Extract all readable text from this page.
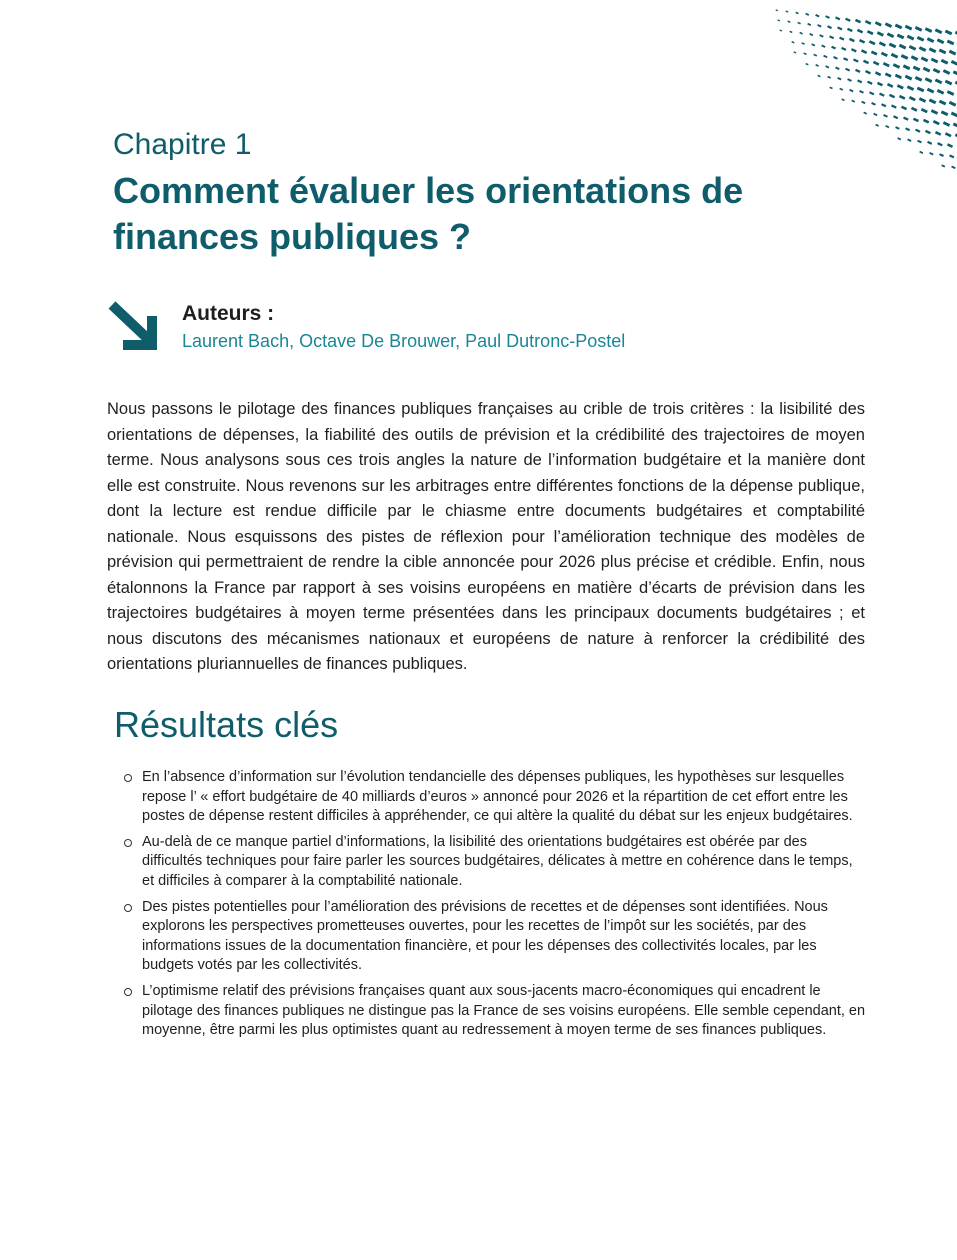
Chapitre 1
Comment évaluer les orientations de finances publiques ?
Auteurs :
Laurent Bach, Octave De Brouwer, Paul Dutronc-Postel

Nous passons le pilotage des finances publiques françaises au crible de trois critères : la lisibilité des orientations de dépenses, la fiabilité des outils de prévision et la crédibilité des trajectoires de moyen terme. Nous analysons sous ces trois angles la nature de l’information budgétaire et la manière dont elle est construite. Nous revenons sur les arbitrages entre différentes fonctions de la dépense publique, dont la lecture est rendue difficile par le chiasme entre documents budgétaires et comptabilité nationale. Nous esquissons des pistes de réflexion pour l’amélioration technique des modèles de prévision qui permettraient de rendre la cible annoncée pour 2026 plus précise et crédible. Enfin, nous étalonnons la France par rapport à ses voisins européens en matière d’écarts de prévision dans les trajectoires budgétaires à moyen terme présentées dans les principaux documents budgétaires ; et nous discutons des mécanismes nationaux et européens de nature à renforcer la crédibilité des orientations pluriannuelles de finances publiques.

Résultats clés
En l’absence d’information sur l’évolution tendancielle des dépenses publiques, les hypothèses sur lesquelles repose l’ « effort budgétaire de 40 milliards d’euros » annoncé pour 2026 et la répartition de cet effort entre les postes de dépense restent difficiles à appréhender, ce qui altère la qualité du débat sur les enjeux budgétaires.
Au-delà de ce manque partiel d’informations, la lisibilité des orientations budgétaires est obérée par des difficultés techniques pour faire parler les sources budgétaires, délicates à mettre en cohérence dans le temps, et difficiles à comparer à la comptabilité nationale.
Des pistes potentielles pour l’amélioration des prévisions de recettes et de dépenses sont identifiées. Nous explorons les perspectives prometteuses ouvertes, pour les recettes de l’impôt sur les sociétés, par des informations issues de la documentation financière, et pour les dépenses des collectivités locales, par les budgets votés par les collectivités.
L’optimisme relatif des prévisions françaises quant aux sous-jacents macro-économiques qui encadrent le pilotage des finances publiques ne distingue pas la France de ses voisins européens. Elle semble cependant, en moyenne, être parmi les plus optimistes quant au redressement à moyen terme de ses finances publiques.
